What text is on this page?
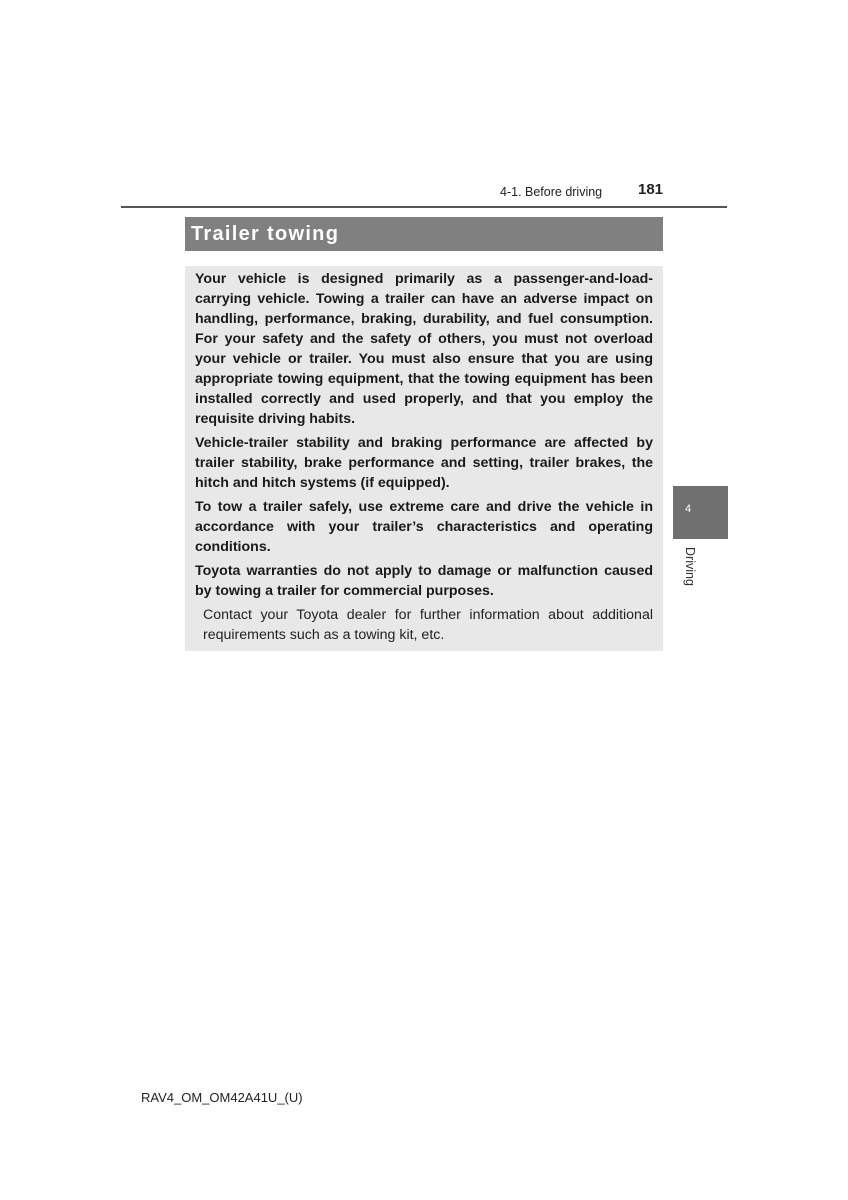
4-1. Before driving 181
Trailer towing

Your vehicle is designed primarily as a passenger-and-load-carrying vehicle. Towing a trailer can have an adverse impact on handling, performance, braking, durability, and fuel consumption. For your safety and the safety of others, you must not overload your vehicle or trailer. You must also ensure that you are using appropriate towing equipment, that the towing equipment has been installed correctly and used properly, and that you employ the requisite driving habits.

Vehicle-trailer stability and braking performance are affected by trailer stability, brake performance and setting, trailer brakes, the hitch and hitch systems (if equipped).

To tow a trailer safely, use extreme care and drive the vehicle in accordance with your trailer’s characteristics and operating conditions.

Toyota warranties do not apply to damage or malfunction caused by towing a trailer for commercial purposes.

Contact your Toyota dealer for further information about additional requirements such as a towing kit, etc.

4
Driving
RAV4_OM_OM42A41U_(U)
